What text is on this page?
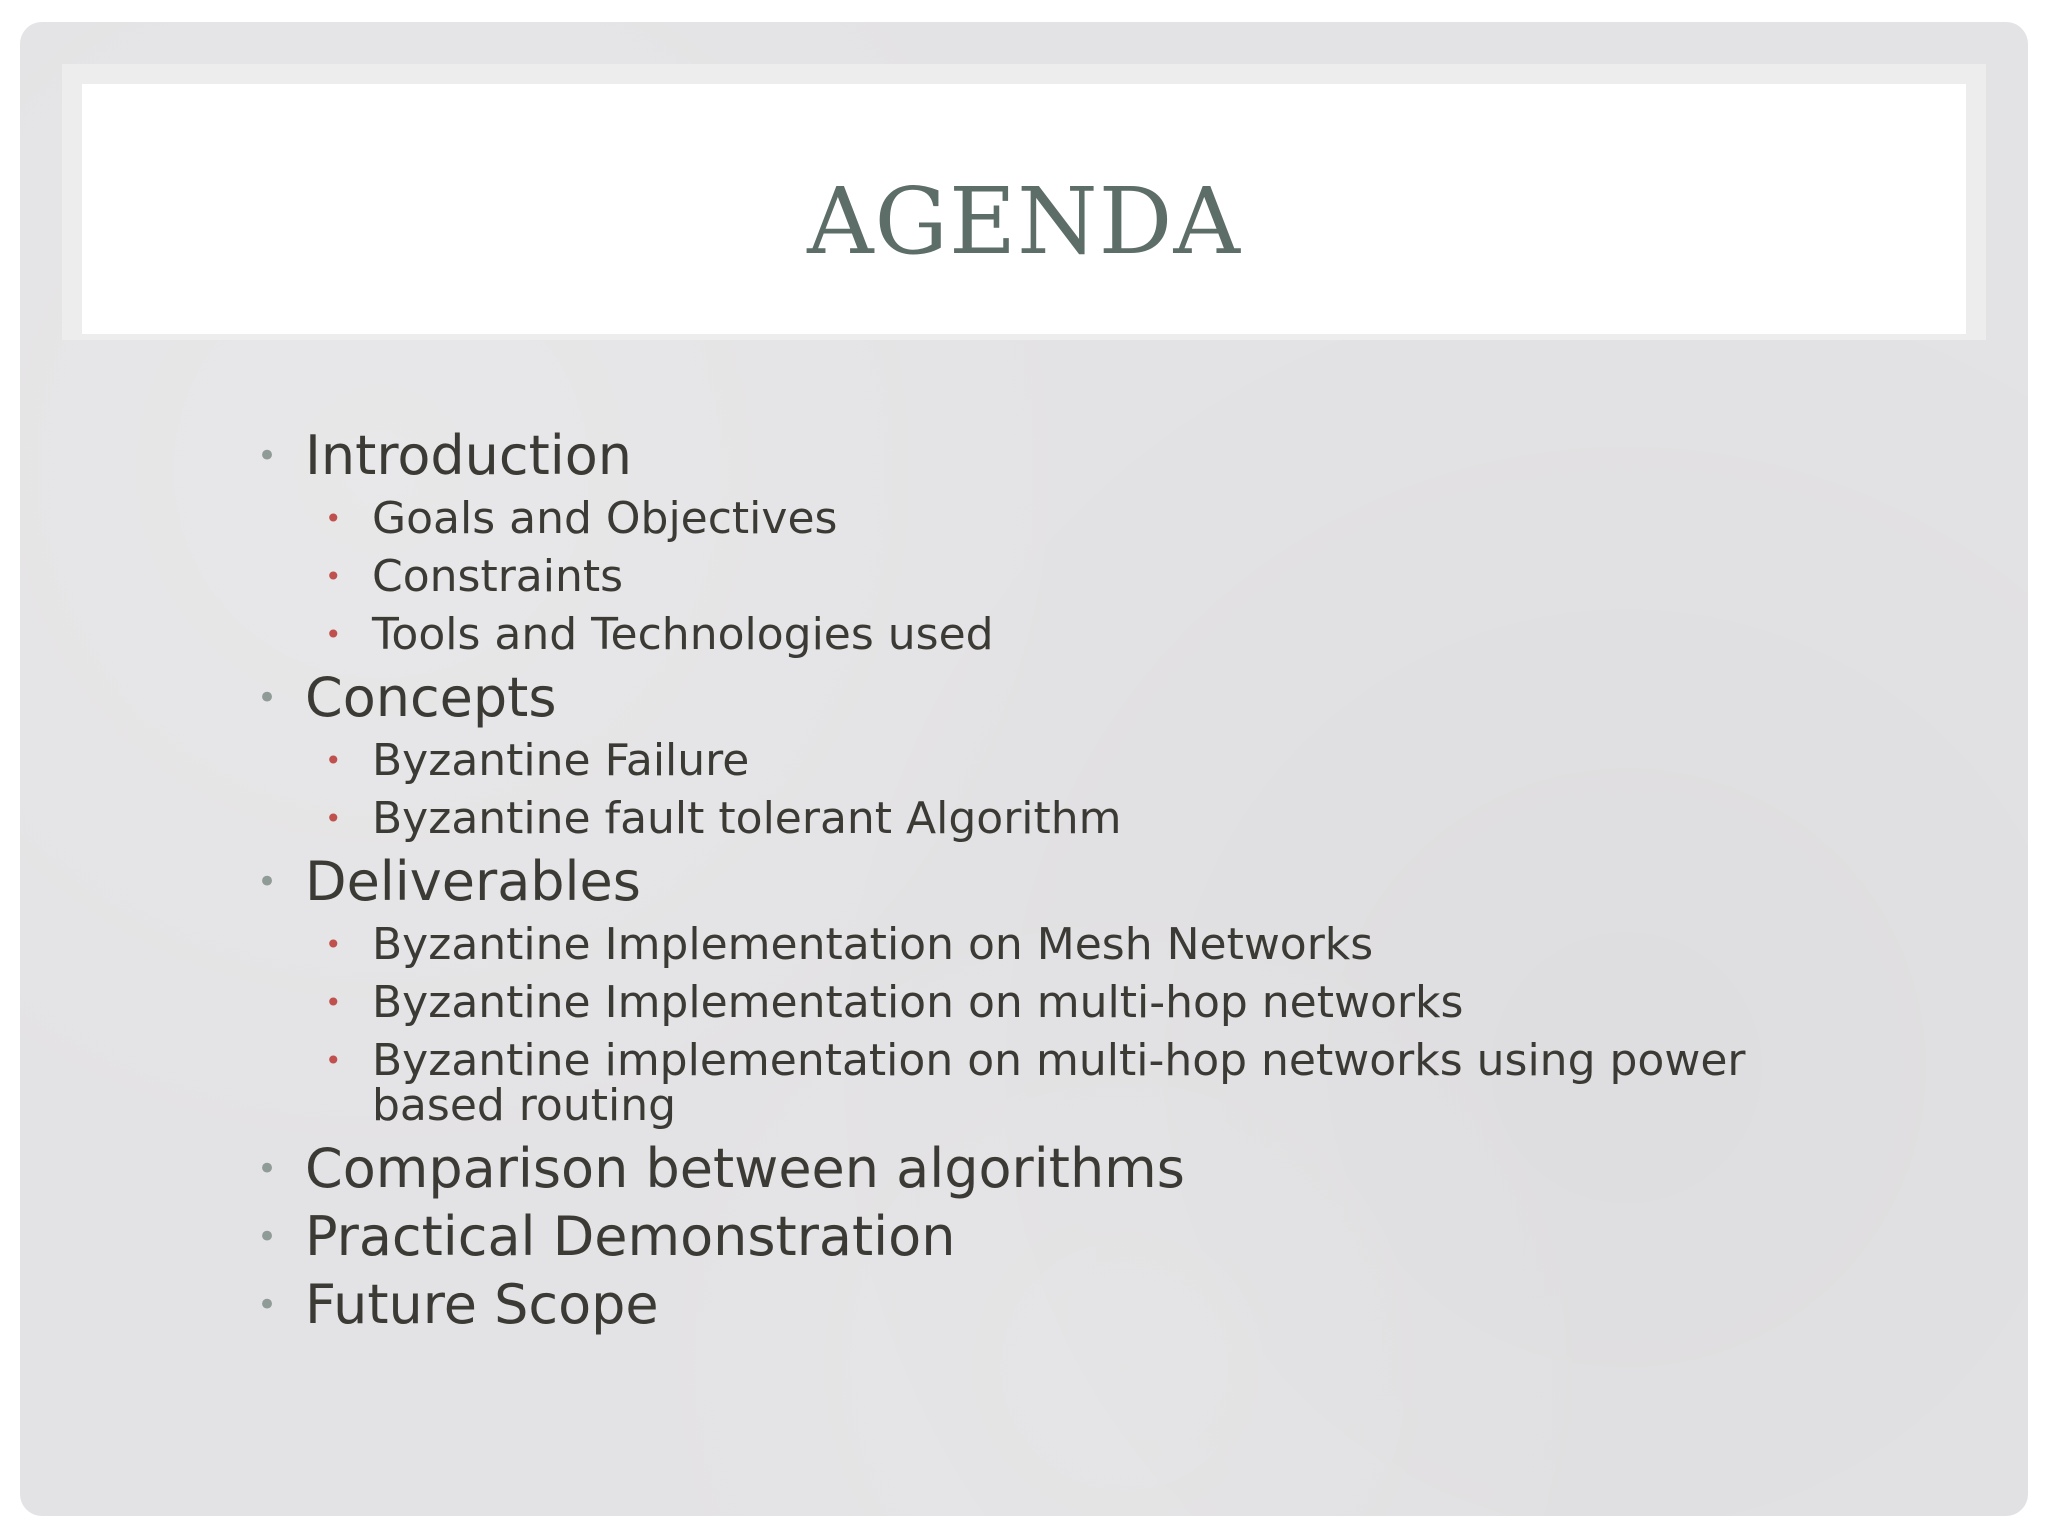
AGENDA
• Introduction
• Goals and Objectives
• Constraints
• Tools and Technologies used
• Concepts
• Byzantine Failure
• Byzantine fault tolerant Algorithm
• Deliverables
• Byzantine Implementation on Mesh Networks
• Byzantine Implementation on multi-hop networks
• Byzantine implementation on multi-hop networks using power based routing
• Comparison between algorithms
• Practical Demonstration
• Future Scope
